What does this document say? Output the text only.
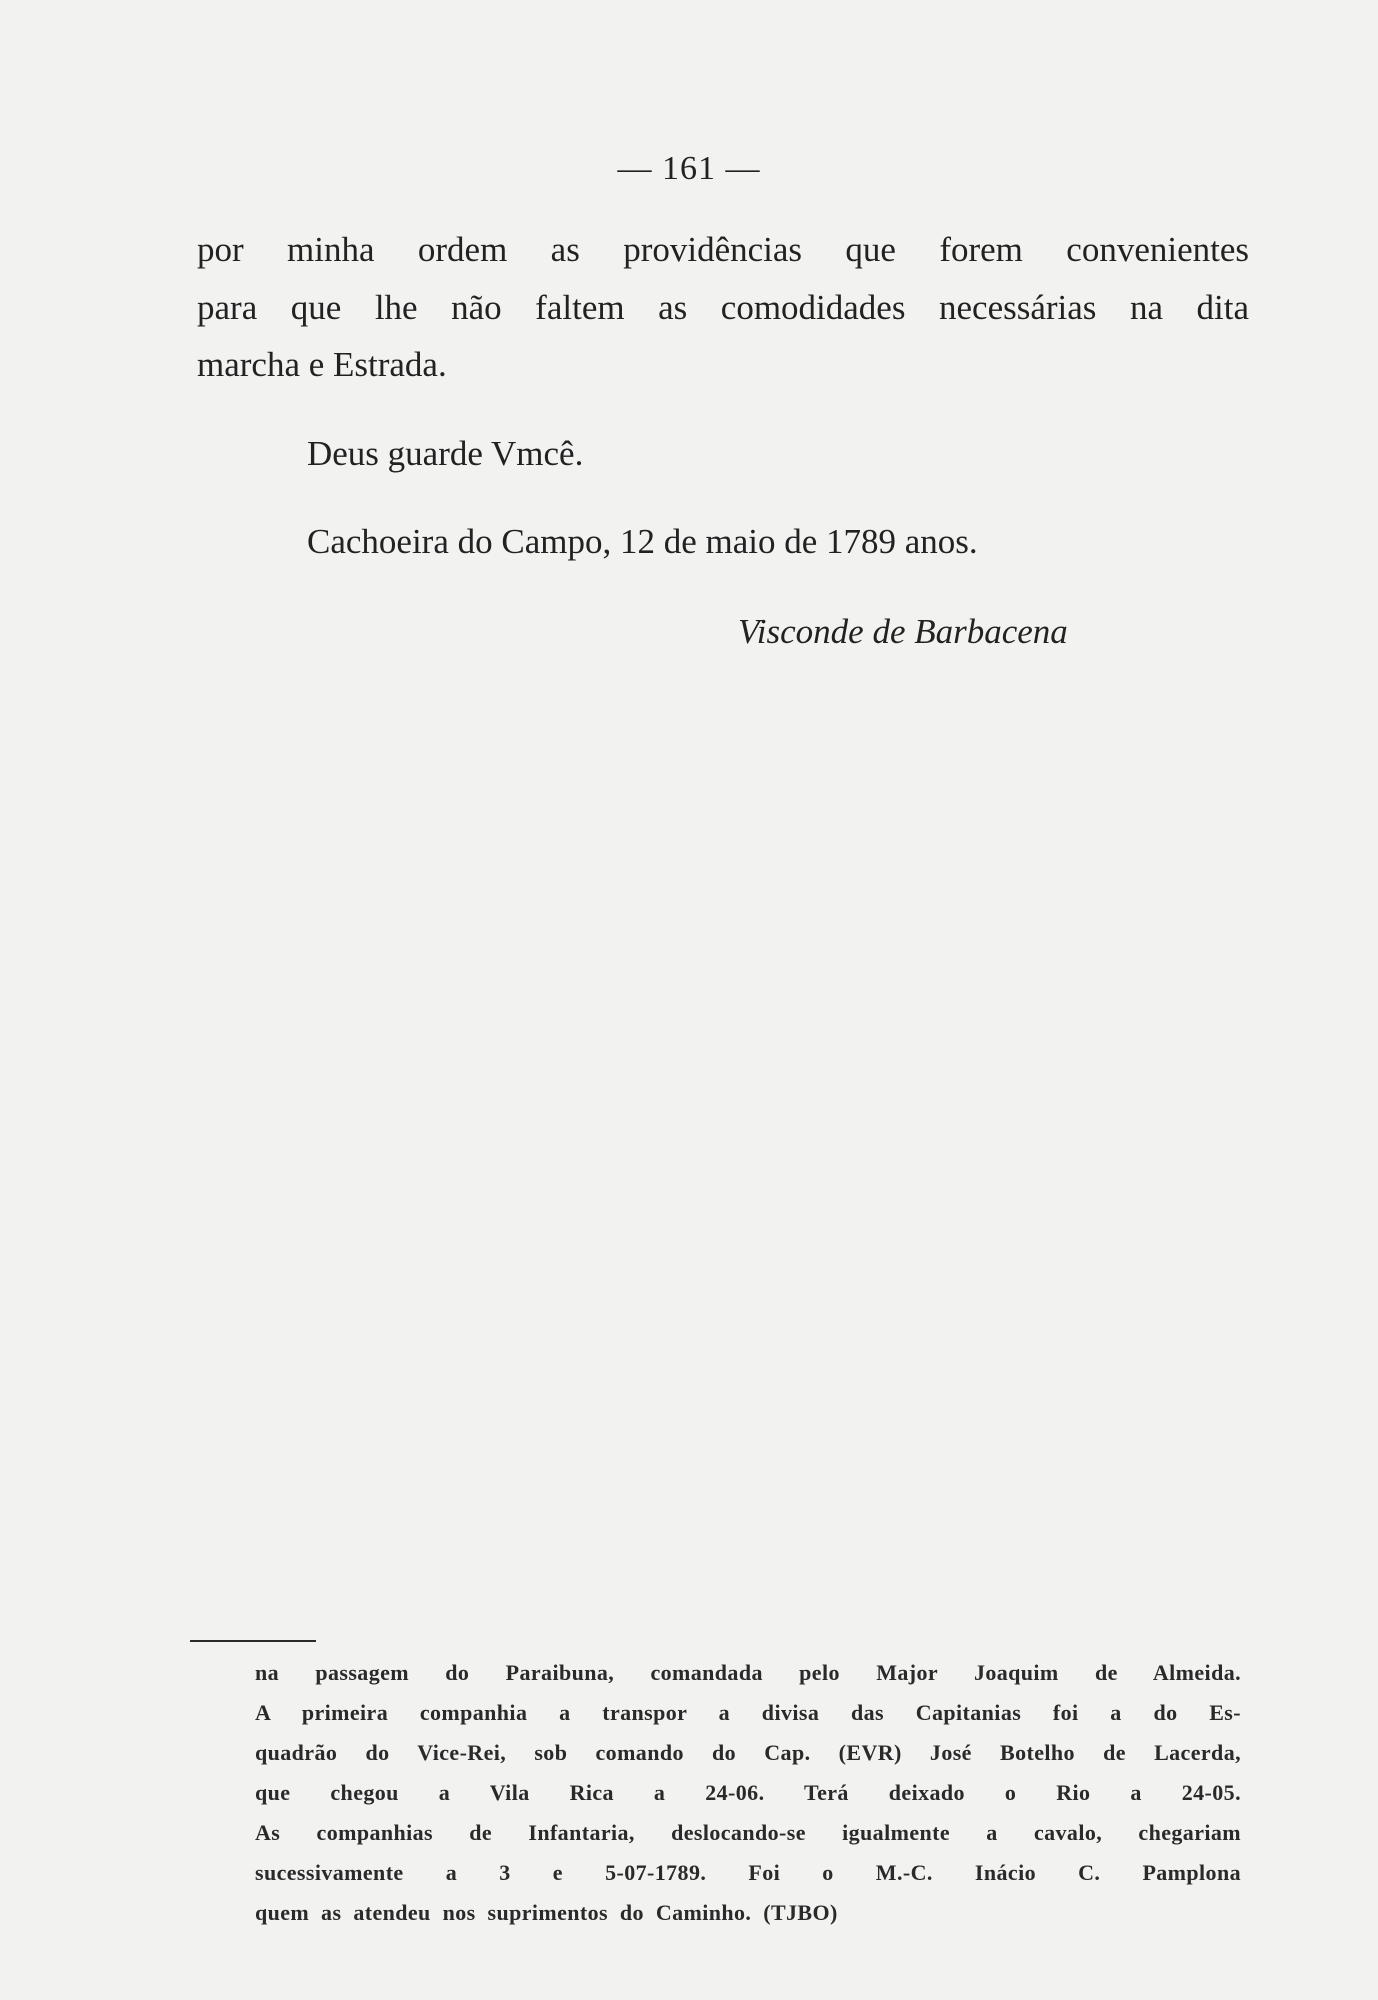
— 161 —
por minha ordem as providências que forem convenientes
para que lhe não faltem as comodidades necessárias na dita
marcha e Estrada.
Deus guarde Vmcê.
Cachoeira do Campo, 12 de maio de 1789 anos.
Visconde de Barbacena
na passagem do Paraibuna, comandada pelo Major Joaquim de Almeida.
A primeira companhia a transpor a divisa das Capitanias foi a do Es-
quadrão do Vice-Rei, sob comando do Cap. (EVR) José Botelho de Lacerda,
que chegou a Vila Rica a 24-06. Terá deixado o Rio a 24-05.
As companhias de Infantaria, deslocando-se igualmente a cavalo, chegariam
sucessivamente a 3 e 5-07-1789. Foi o M.-C. Inácio C. Pamplona
quem as atendeu nos suprimentos do Caminho. (TJBO)
